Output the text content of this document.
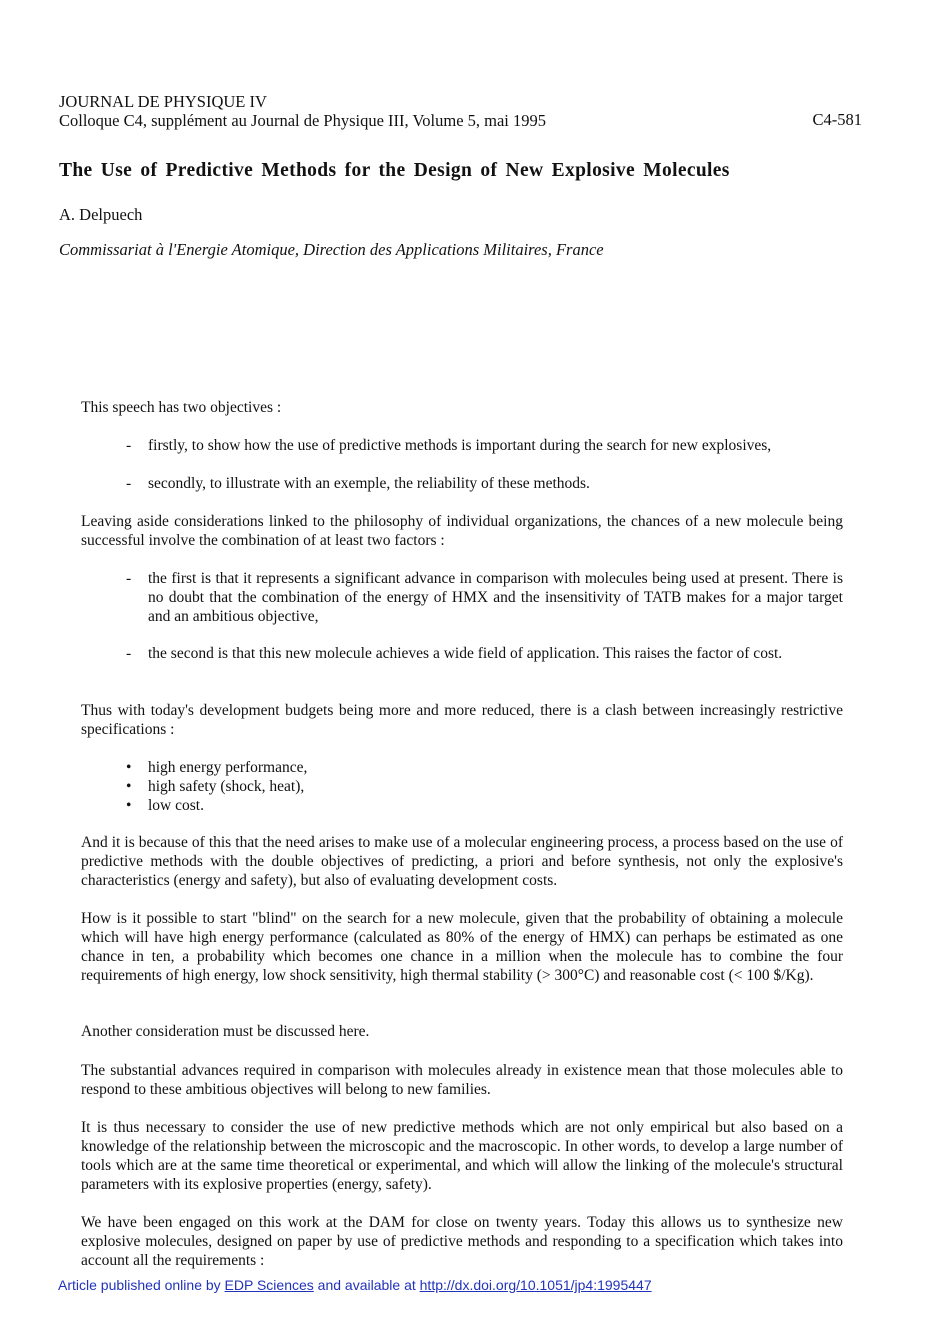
JOURNAL DE PHYSIQUE IV
Colloque C4, supplément au Journal de Physique III, Volume 5, mai 1995	C4-581
The Use of Predictive Methods for the Design of New Explosive Molecules
A. Delpuech
Commissariat à l'Energie Atomique, Direction des Applications Militaires, France

This speech has two objectives :

- firstly, to show how the use of predictive methods is important during the search for new explosives,

- secondly, to illustrate with an exemple, the reliability of these methods.

Leaving aside considerations linked to the philosophy of individual organizations, the chances of a new molecule being successful involve the combination of at least two factors :

- the first is that it represents a significant advance in comparison with molecules being used at present. There is no doubt that the combination of the energy of HMX and the insensitivity of TATB makes for a major target and an ambitious objective,

- the second is that this new molecule achieves a wide field of application. This raises the factor of cost.

Thus with today's development budgets being more and more reduced, there is a clash between increasingly restrictive specifications :

• high energy performance,

• high safety (shock, heat),

• low cost.

And it is because of this that the need arises to make use of a molecular engineering process, a process based on the use of predictive methods with the double objectives of predicting, a priori and before synthesis, not only the explosive's characteristics (energy and safety), but also of evaluating development costs.

How is it possible to start "blind" on the search for a new molecule, given that the probability of obtaining a molecule which will have high energy performance (calculated as 80% of the energy of HMX) can perhaps be estimated as one chance in ten, a probability which becomes one chance in a million when the molecule has to combine the four requirements of high energy, low shock sensitivity, high thermal stability (> 300°C) and reasonable cost (< 100 $/Kg).

Another consideration must be discussed here.

The substantial advances required in comparison with molecules already in existence mean that those molecules able to respond to these ambitious objectives will belong to new families.

It is thus necessary to consider the use of new predictive methods which are not only empirical but also based on a knowledge of the relationship between the microscopic and the macroscopic. In other words, to develop a large number of tools which are at the same time theoretical or experimental, and which will allow the linking of the molecule's structural parameters with its explosive properties (energy, safety).

We have been engaged on this work at the DAM for close on twenty years. Today this allows us to synthesize new explosive molecules, designed on paper by use of predictive methods and responding to a specification which takes into account all the requirements :

Article published online by EDP Sciences and available at http://dx.doi.org/10.1051/jp4:1995447
